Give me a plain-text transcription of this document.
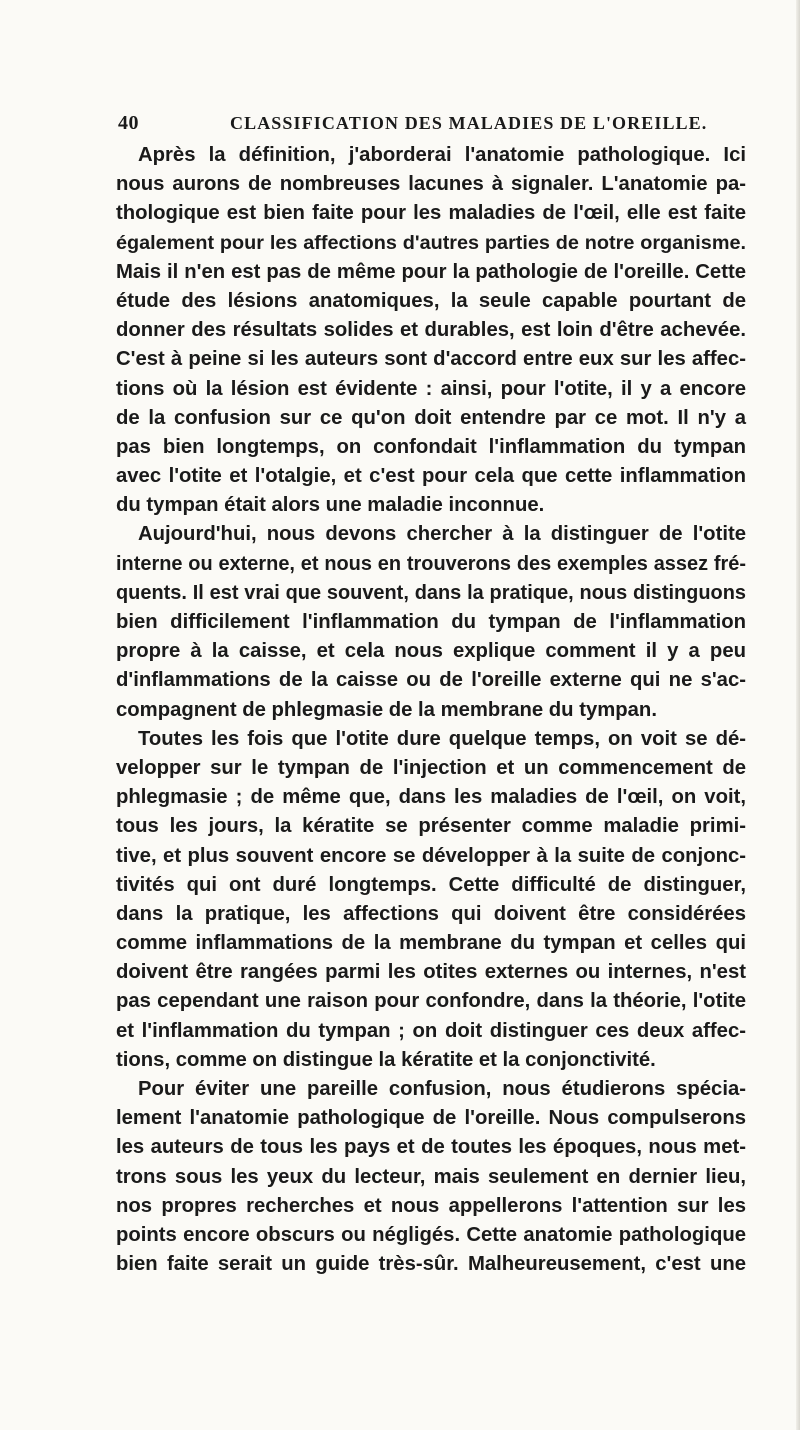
40	CLASSIFICATION DES MALADIES DE L'OREILLE.
Après la définition, j'aborderai l'anatomie pathologique. Ici
nous aurons de nombreuses lacunes à signaler. L'anatomie pa-
thologique est bien faite pour les maladies de l'œil, elle est faite
également pour les affections d'autres parties de notre organisme.
Mais il n'en est pas de même pour la pathologie de l'oreille. Cette
étude des lésions anatomiques, la seule capable pourtant de
donner des résultats solides et durables, est loin d'être achevée.
C'est à peine si les auteurs sont d'accord entre eux sur les affec-
tions où la lésion est évidente : ainsi, pour l'otite, il y a encore
de la confusion sur ce qu'on doit entendre par ce mot. Il n'y a
pas bien longtemps, on confondait l'inflammation du tympan
avec l'otite et l'otalgie, et c'est pour cela que cette inflammation
du tympan était alors une maladie inconnue.
Aujourd'hui, nous devons chercher à la distinguer de l'otite
interne ou externe, et nous en trouverons des exemples assez fré-
quents. Il est vrai que souvent, dans la pratique, nous distinguons
bien difficilement l'inflammation du tympan de l'inflammation
propre à la caisse, et cela nous explique comment il y a peu
d'inflammations de la caisse ou de l'oreille externe qui ne s'ac-
compagnent de phlegmasie de la membrane du tympan.
Toutes les fois que l'otite dure quelque temps, on voit se dé-
velopper sur le tympan de l'injection et un commencement de
phlegmasie ; de même que, dans les maladies de l'œil, on voit,
tous les jours, la kératite se présenter comme maladie primi-
tive, et plus souvent encore se développer à la suite de conjonc-
tivités qui ont duré longtemps. Cette difficulté de distinguer,
dans la pratique, les affections qui doivent être considérées
comme inflammations de la membrane du tympan et celles qui
doivent être rangées parmi les otites externes ou internes, n'est
pas cependant une raison pour confondre, dans la théorie, l'otite
et l'inflammation du tympan ; on doit distinguer ces deux affec-
tions, comme on distingue la kératite et la conjonctivité.
Pour éviter une pareille confusion, nous étudierons spécia-
lement l'anatomie pathologique de l'oreille. Nous compulserons
les auteurs de tous les pays et de toutes les époques, nous met-
trons sous les yeux du lecteur, mais seulement en dernier lieu,
nos propres recherches et nous appellerons l'attention sur les
points encore obscurs ou négligés. Cette anatomie pathologique
bien faite serait un guide très-sûr. Malheureusement, c'est une
